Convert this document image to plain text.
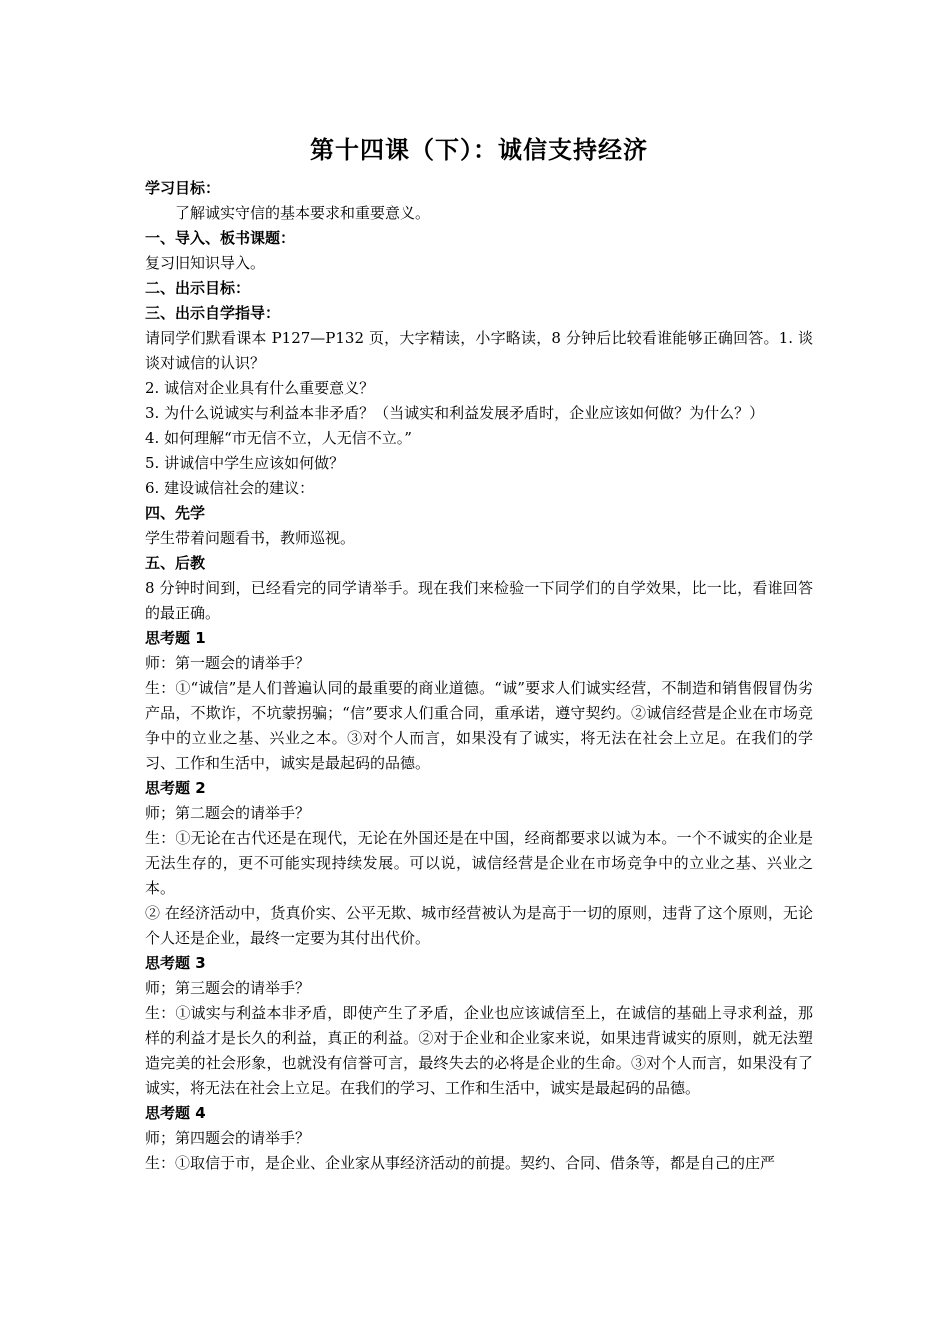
第十四课（下）：诚信支持经济

学习目标：

了解诚实守信的基本要求和重要意义。

一、导入、板书课题：

复习旧知识导入。

二、出示目标：

三、出示自学指导：

请同学们默看课本 P127—P132 页，大字精读，小字略读，8 分钟后比较看谁能够正确回答。1. 谈谈对诚信的认识？

2. 诚信对企业具有什么重要意义？

3. 为什么说诚实与利益本非矛盾？（当诚实和利益发展矛盾时，企业应该如何做？为什么？）

4. 如何理解“市无信不立，人无信不立。”

5. 讲诚信中学生应该如何做？

6. 建设诚信社会的建议：

四、先学

学生带着问题看书，教师巡视。

五、后教

8 分钟时间到，已经看完的同学请举手。现在我们来检验一下同学们的自学效果，比一比，看谁回答的最正确。

思考题 1

师：第一题会的请举手？

生：①“诚信”是人们普遍认同的最重要的商业道德。“诚”要求人们诚实经营，不制造和销售假冒伪劣产品，不欺诈，不坑蒙拐骗；“信”要求人们重合同，重承诺，遵守契约。②诚信经营是企业在市场竞争中的立业之基、兴业之本。③对个人而言，如果没有了诚实，将无法在社会上立足。在我们的学习、工作和生活中，诚实是最起码的品德。

思考题 2

师；第二题会的请举手？

生：①无论在古代还是在现代，无论在外国还是在中国，经商都要求以诚为本。一个不诚实的企业是无法生存的，更不可能实现持续发展。可以说，诚信经营是企业在市场竞争中的立业之基、兴业之本。

② 在经济活动中，货真价实、公平无欺、城市经营被认为是高于一切的原则，违背了这个原则，无论个人还是企业，最终一定要为其付出代价。

思考题 3

师；第三题会的请举手？

生：①诚实与利益本非矛盾，即使产生了矛盾，企业也应该诚信至上，在诚信的基础上寻求利益，那样的利益才是长久的利益，真正的利益。②对于企业和企业家来说，如果违背诚实的原则，就无法塑造完美的社会形象，也就没有信誉可言，最终失去的必将是企业的生命。③对个人而言，如果没有了诚实，将无法在社会上立足。在我们的学习、工作和生活中，诚实是最起码的品德。

思考题 4

师；第四题会的请举手？

生：①取信于市，是企业、企业家从事经济活动的前提。契约、合同、借条等，都是自己的庄严
